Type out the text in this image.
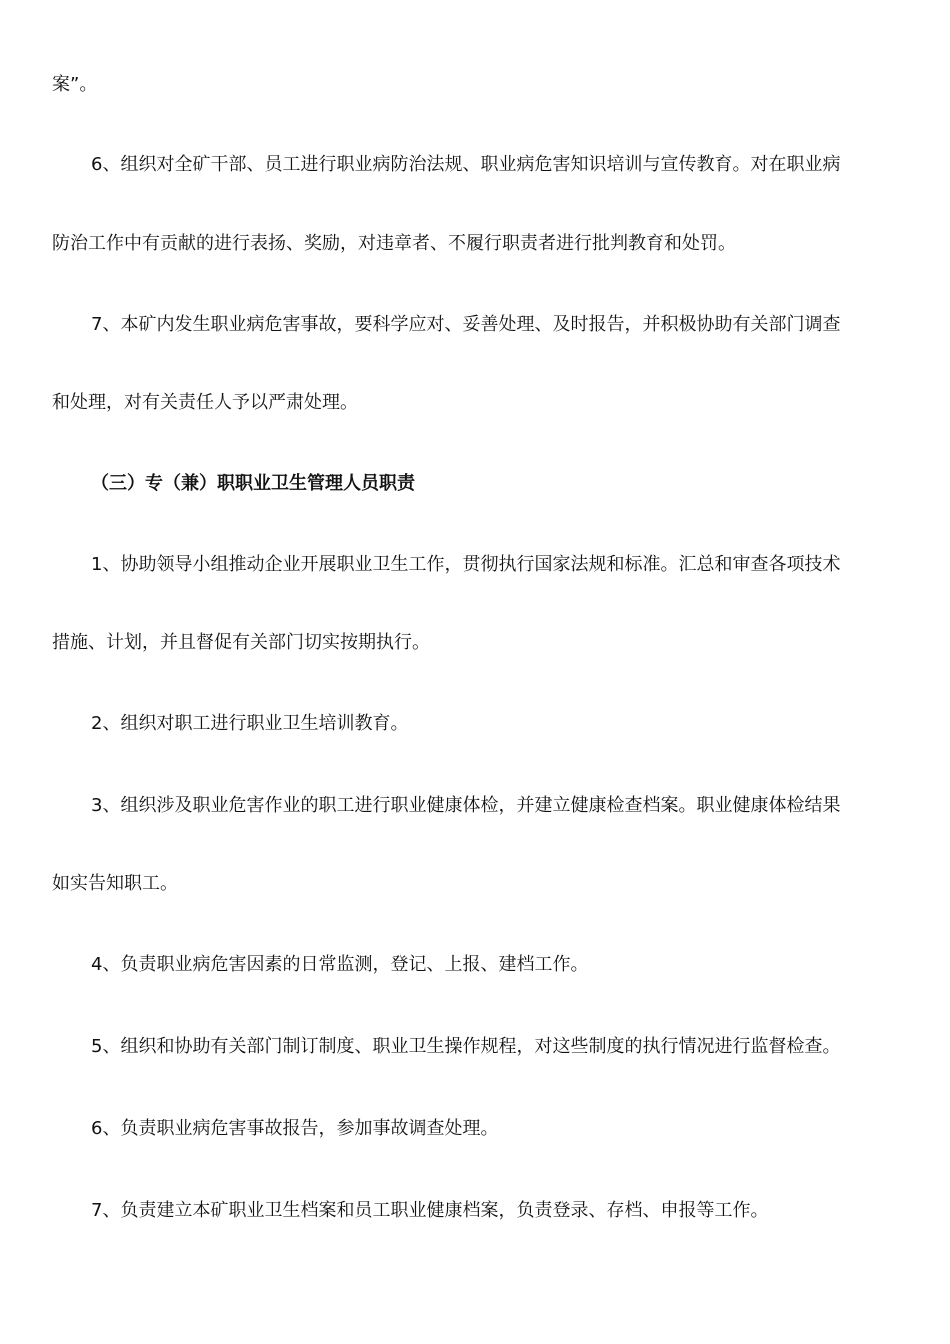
案”。
6、组织对全矿干部、员工进行职业病防治法规、职业病危害知识培训与宣传教育。对在职业病
防治工作中有贡献的进行表扬、奖励，对违章者、不履行职责者进行批判教育和处罚。
7、本矿内发生职业病危害事故，要科学应对、妥善处理、及时报告，并积极协助有关部门调查
和处理，对有关责任人予以严肃处理。
（三）专（兼）职职业卫生管理人员职责
1、协助领导小组推动企业开展职业卫生工作，贯彻执行国家法规和标准。汇总和审查各项技术
措施、计划，并且督促有关部门切实按期执行。
2、组织对职工进行职业卫生培训教育。
3、组织涉及职业危害作业的职工进行职业健康体检，并建立健康检查档案。职业健康体检结果
如实告知职工。
4、负责职业病危害因素的日常监测，登记、上报、建档工作。
5、组织和协助有关部门制订制度、职业卫生操作规程，对这些制度的执行情况进行监督检查。
6、负责职业病危害事故报告，参加事故调查处理。
7、负责建立本矿职业卫生档案和员工职业健康档案，负责登录、存档、申报等工作。
